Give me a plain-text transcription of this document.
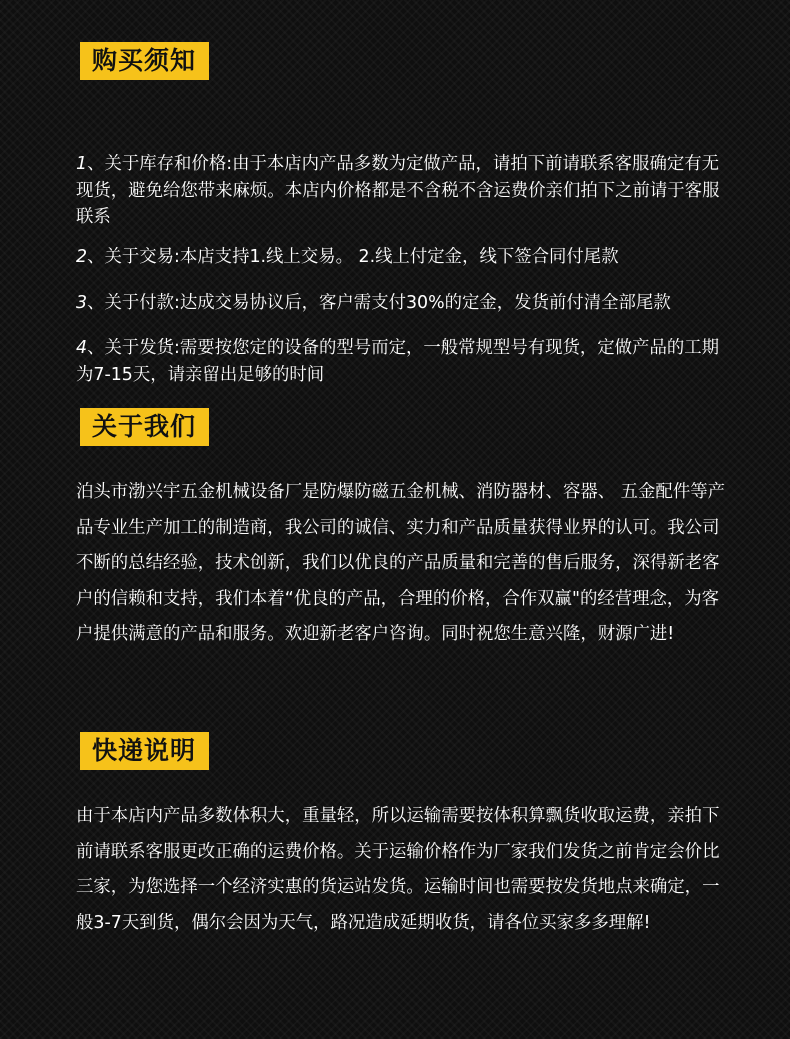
购买须知

1、关于库存和价格:由于本店内产品多数为定做产品，请拍下前请联系客服确定有无现货，避免给您带来麻烦。本店内价格都是不含税不含运费价亲们拍下之前请于客服联系

2、关于交易:本店支持1.线上交易。 2.线上付定金，线下签合同付尾款

3、关于付款:达成交易协议后，客户需支付30%的定金，发货前付清全部尾款

4、关于发货:需要按您定的设备的型号而定，一般常规型号有现货，定做产品的工期为7-15天，请亲留出足够的时间

关于我们

泊头市渤兴宇五金机械设备厂是防爆防磁五金机械、消防器材、容器、 五金配件等产品专业生产加工的制造商，我公司的诚信、实力和产品质量获得业界的认可。我公司不断的总结经验，技术创新，我们以优良的产品质量和完善的售后服务，深得新老客户的信赖和支持，我们本着“优良的产品，合理的价格，合作双赢"的经营理念，为客户提供满意的产品和服务。欢迎新老客户咨询。同时祝您生意兴隆，财源广进!

快递说明

由于本店内产品多数体积大，重量轻，所以运输需要按体积算飘货收取运费，亲拍下前请联系客服更改正确的运费价格。关于运输价格作为厂家我们发货之前肯定会价比三家，为您选择一个经济实惠的货运站发货。运输时间也需要按发货地点来确定，一般3-7天到货，偶尔会因为天气，路况造成延期收货，请各位买家多多理解!
